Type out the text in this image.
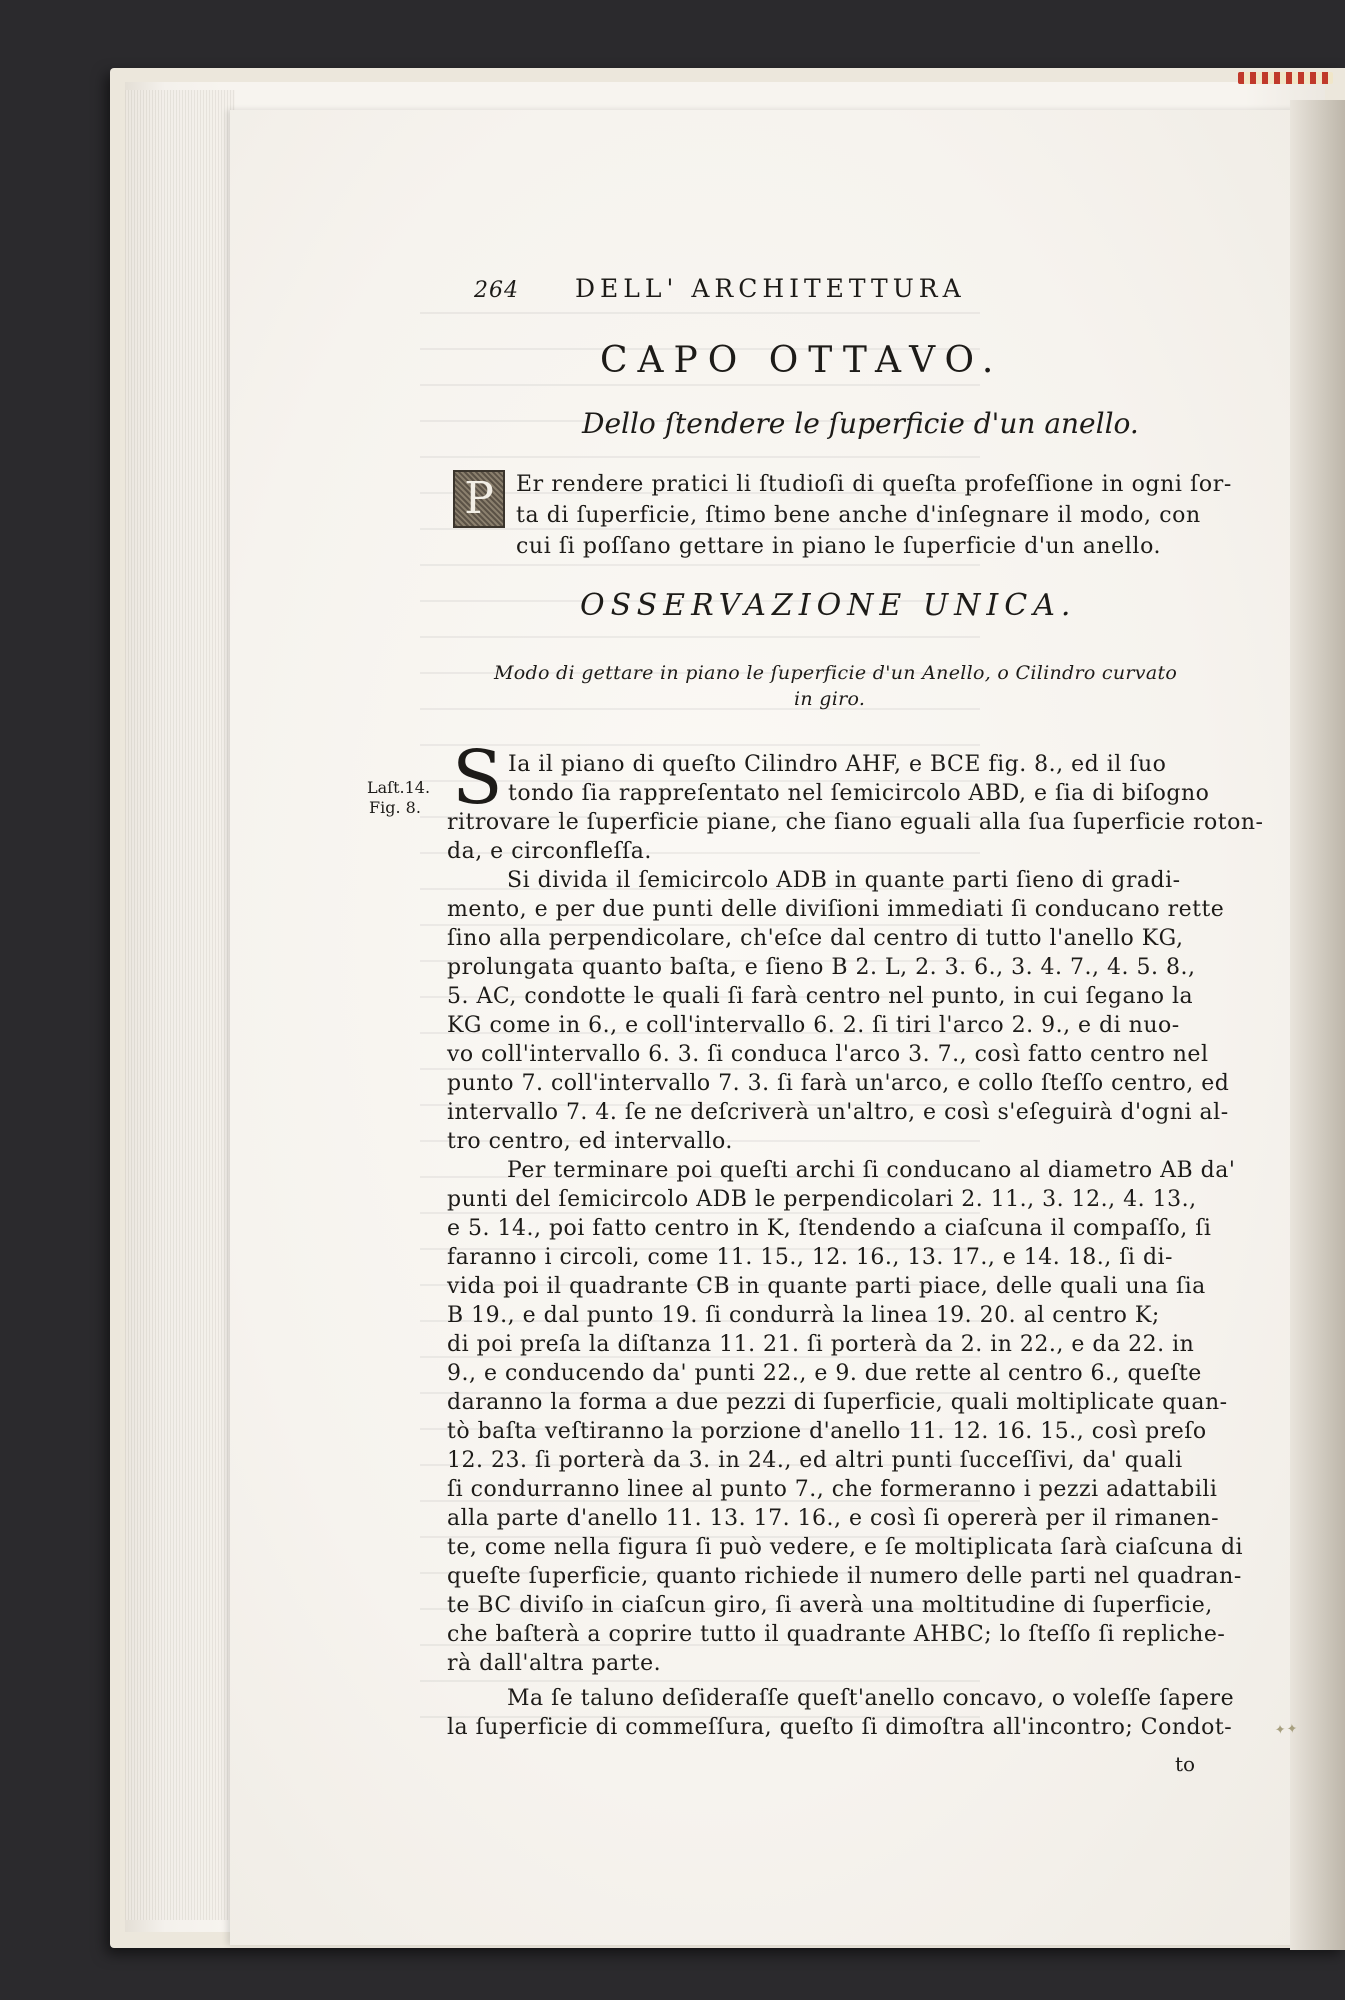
264 DELL' ARCHITETTURA
CAPO OTTAVO.
Dello ſtendere le ſuperficie d'un anello.
P	Er rendere pratici li ſtudioſi di queſta profeſſione in ogni ſor-
ta di ſuperficie, ſtimo bene anche d'inſegnare il modo, con
cui ſi poſſano gettare in piano le ſuperficie d'un anello.
OSSERVAZIONE UNICA.
Modo di gettare in piano le ſuperficie d'un Anello, o Cilindro curvato
in giro.
Laſt.14.
Fig. 8. S Ia il piano di queſto Cilindro AHF, e BCE fig. 8., ed il ſuo
tondo ſia rappreſentato nel ſemicircolo ABD, e ſia di biſogno
ritrovare le ſuperficie piane, che ſiano eguali alla ſua ſuperficie roton-
da, e circonfleſſa.
Si divida il ſemicircolo ADB in quante parti ſieno di gradi-
mento, e per due punti delle diviſioni immediati ſi conducano rette
ſino alla perpendicolare, ch'eſce dal centro di tutto l'anello KG,
prolungata quanto baſta, e ſieno B 2. L, 2. 3. 6., 3. 4. 7., 4. 5. 8.,
5. AC, condotte le quali ſi farà centro nel punto, in cui ſegano la
KG come in 6., e coll'intervallo 6. 2. ſi tiri l'arco 2. 9., e di nuo-
vo coll'intervallo 6. 3. ſi conduca l'arco 3. 7., così fatto centro nel
punto 7. coll'intervallo 7. 3. ſi farà un'arco, e collo ſteſſo centro, ed
intervallo 7. 4. ſe ne deſcriverà un'altro, e così s'eſeguirà d'ogni al-
tro centro, ed intervallo.
Per terminare poi queſti archi ſi conducano al diametro AB da'
punti del ſemicircolo ADB le perpendicolari 2. 11., 3. 12., 4. 13.,
e 5. 14., poi fatto centro in K, ſtendendo a ciaſcuna il compaſſo, ſi
faranno i circoli, come 11. 15., 12. 16., 13. 17., e 14. 18., ſi di-
vida poi il quadrante CB in quante parti piace, delle quali una ſia
B 19., e dal punto 19. ſi condurrà la linea 19. 20. al centro K;
di poi preſa la diſtanza 11. 21. ſi porterà da 2. in 22., e da 22. in
9., e conducendo da' punti 22., e 9. due rette al centro 6., queſte
daranno la forma a due pezzi di ſuperficie, quali moltiplicate quan-
tò baſta veſtiranno la porzione d'anello 11. 12. 16. 15., così preſo
12. 23. ſi porterà da 3. in 24., ed altri punti ſucceſſivi, da' quali
ſi condurranno linee al punto 7., che formeranno i pezzi adattabili
alla parte d'anello 11. 13. 17. 16., e così ſi opererà per il rimanen-
te, come nella figura ſi può vedere, e ſe moltiplicata ſarà ciaſcuna di
queſte ſuperficie, quanto richiede il numero delle parti nel quadran-
te BC diviſo in ciaſcun giro, ſi averà una moltitudine di ſuperficie,
che baſterà a coprire tutto il quadrante AHBC; lo ſteſſo ſi repliche-
rà dall'altra parte.
Ma ſe taluno deſideraſſe queſt'anello concavo, o voleſſe ſapere
la ſuperficie di commeſſura, queſto ſi dimoſtra all'incontro; Condot-
to
✦✦
